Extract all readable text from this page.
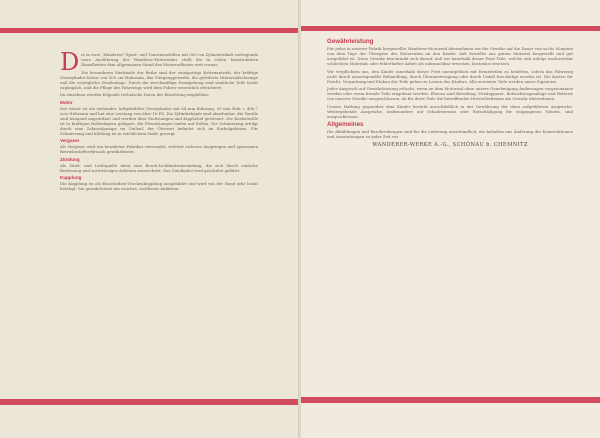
Die in zwei „Wanderer"-Sport- und Tourenmodellen mit 500 cm Zylinderinhalt vorliegende neue Ausführung der Wanderer-Motorräder stellt die in vielen konstruktiven Einzelheiten dem allgemeinen Stand des Motorradbaues weit voraus.

Die besonderen Merkmale der Reihe sind der einzigartige Kettenantrieb, der kräftige Zweizylinder-Motor von 500 cm Hubraum, das Vierganggetriebe, die gefederte Hinterradschwinge und die vorzügliche Straßenlage. Durch die zweckmäßige Formgebung sind sämtliche Teile leicht zugänglich, und die Pflege des Fahrzeugs wird dem Fahrer wesentlich erleichtert.

Im einzelnen werden folgende technische Daten der Beachtung empfohlen:

Motor

Der Motor ist ein stehender, luftgekühlter Zweizylinder mit 84 mm Bohrung, 90 mm Hub = 496,7 ccm Hubraum und hat eine Leistung von über 16 PS. Die Zylinderköpfe sind abnehmbar, die Ventile sind hängend angeordnet und werden über Stoßstangen und Kipphebel gesteuert. Die Kurbelwelle ist in kräftigen Rollenlagern gelagert, die Pleuelstangen laufen auf Rollen. Die Schmierung erfolgt durch eine Zahnradpumpe im Umlauf, der Ölvorrat befindet sich im Kurbelgehäuse. Für Schmierung und Kühlung ist in reichlichem Maße gesorgt.

Vergaser

Als Vergaser wird ein bewährter Fabrikat verwendet, welcher sicheres Anspringen und sparsamen Betriebsstoffverbrauch gewährleistet.

Zündung

Als Zünd- und Lichtquelle dient eine Bosch-Lichtbatteriezündung, die sich durch einfache Bedienung und zuverlässiges Arbeiten auszeichnet. Das Zündkabel wird geschützt geführt.

Kupplung

Die Kupplung ist als Einscheiben-Trockenkupplung ausgebildet und wird von der Hand sehr leicht betätigt. Sie gewährleistet ein weiches, stoßfreies Anfahren.

Gewährleistung

Für jedes in unserer Fabrik hergestellte Wanderer-Motorrad übernehmen wir die Gewähr auf die Dauer von sechs Monaten von dem Tage der Übergabe des Motorrades an den Käufer, daß dasselbe aus gutem Material hergestellt und gut ausgeführt ist. Diese Gewähr beschränkt sich darauf, daß wir innerhalb dieser Frist Teile, welche sich infolge nachweisbar schlechten Materials oder fehlerhafter Arbeit als unbrauchbar erweisen, kostenlos ersetzen.

Wir verpflichten uns, den Käufer innerhalb dieser Frist unentgeltlich mit Ersatzteilen zu beliefern, sofern das Fahrzeug nicht durch unsachgemäße Behandlung, durch Überanstrengung oder durch Unfall beschädigt worden ist. Die Kosten für Fracht, Verpackung und Einbau der Teile gehen zu Lasten des Käufers. Alle ersetzten Teile werden unser Eigentum.

Jeder Anspruch auf Gewährleistung erlischt, wenn an dem Motorrad ohne unsere Genehmigung Änderungen vorgenommen werden oder wenn fremde Teile eingebaut werden. Ebenso sind Bereifung, Zündapparat, Beleuchtungsanlage und Batterie von unserer Gewähr ausgeschlossen, da für diese Teile die betreffenden Herstellerfirmen die Gewähr übernehmen.

Unsere Haftung gegenüber dem Käufer besteht ausschließlich in der Gewährung der oben aufgeführten Ansprüche. Weitergehende Ansprüche, insbesondere auf Schadenersatz oder Entschädigung für entgangenen Nutzen, sind ausgeschlossen.

Allgemeines

Die Abbildungen und Beschreibungen sind für die Lieferung unverbindlich; wir behalten uns Änderung der Konstruktionen und Ausstattungen zu jeder Zeit vor.

WANDERER-WERKE A.-G., SCHÖNAU b. CHEMNITZ
